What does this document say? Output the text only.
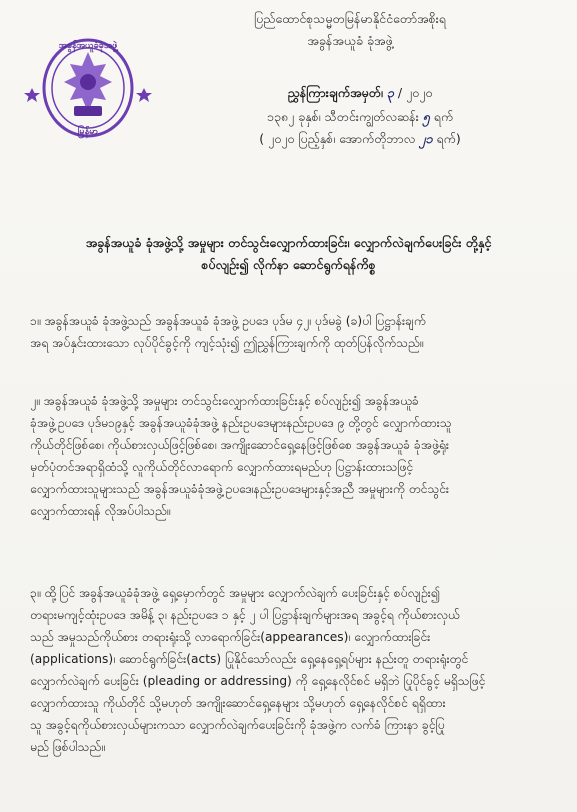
အခွန်အယူခံခုံအဖွဲ့
မြန်မာ
ပြည်ထောင်စုသမ္မတမြန်မာနိုင်ငံတော်အစိုးရ
အခွန်အယူခံ ခုံအဖွဲ့
ညွှန်ကြားချက်အမှတ်၊ ၃ / ၂၀၂၀
၁၃၈၂ ခုနှစ်၊ သီတင်းကျွတ်လဆန်း ၅ ရက်
( ၂၀၂၀ ပြည့်နှစ်၊ အောက်တိုဘာလ ၂၁ ရက်)
အခွန်အယူခံ ခုံအဖွဲ့သို့ အမှုများ တင်သွင်းလျှောက်ထားခြင်း၊ လျှောက်လဲချက်ပေးခြင်း တို့နှင့်
စပ်လျဉ်း၍ လိုက်နာ ဆောင်ရွက်ရန်ကိစ္စ
၁။ အခွန်အယူခံ ခုံအဖွဲ့သည် အခွန်အယူခံ ခုံအဖွဲ့ ဥပဒေ ပုဒ်မ ၄၂၊ ပုဒ်မခွဲ (ခ)ပါ ပြဋ္ဌာန်းချက်
အရ အပ်နှင်းထားသော လုပ်ပိုင်ခွင့်ကို ကျင့်သုံး၍ ဤညွှန်ကြားချက်ကို ထုတ်ပြန်လိုက်သည်။
၂။ အခွန်အယူခံ ခုံအဖွဲ့သို့ အမှုများ တင်သွင်းလျှောက်ထားခြင်းနှင့် စပ်လျဉ်း၍ အခွန်အယူခံ
ခုံအဖွဲ့ဥပဒေ ပုဒ်မ၁၉နှင့် အခွန်အယူခံခုံအဖွဲ့ နည်းဥပဒေများနည်းဥပဒေ ၉ တို့တွင် လျှောက်ထားသူ
ကိုယ်တိုင်ဖြစ်စေ၊ ကိုယ်စားလှယ်ဖြင့်ဖြစ်စေ၊ အကျိုးဆောင်ရှေ့နေဖြင့်ဖြစ်စေ အခွန်အယူခံ ခုံအဖွဲ့ရုံး
မှတ်ပုံတင်အရာရှိထံသို့ လူကိုယ်တိုင်လာရောက် လျှောက်ထားရမည်ဟု ပြဋ္ဌာန်းထားသဖြင့်
လျှောက်ထားသူများသည် အခွန်အယူခံခုံအဖွဲ့ဥပဒေ၊နည်းဥပဒေများနှင့်အညီ အမှုများကို တင်သွင်း
လျှောက်ထားရန် လိုအပ်ပါသည်။
၃။ ထို့ပြင် အခွန်အယူခံခုံအဖွဲ့ ရှေ့မှောက်တွင် အမှုများ လျှောက်လဲချက် ပေးခြင်းနှင့် စပ်လျဉ်း၍
တရားမကျင့်ထုံးဥပဒေ အမိန့် ၃၊ နည်းဥပဒေ ၁ နှင့် ၂ ပါ ပြဋ္ဌာန်းချက်များအရ အခွင့်ရ ကိုယ်စားလှယ်
သည် အမှုသည်ကိုယ်စား တရားရုံးသို့ လာရောက်ခြင်း(appearances)၊ လျှောက်ထားခြင်း
(applications)၊ ဆောင်ရွက်ခြင်း(acts) ပြုနိုင်သော်လည်း ရှေ့နေရှေ့ရပ်များ နည်းတူ တရားရုံးတွင်
လျှောက်လဲချက် ပေးခြင်း (pleading or addressing) ကို ရှေ့နေလိုင်စင် မရှိဘဲ ပြုပိုင်ခွင့် မရှိသဖြင့်
လျှောက်ထားသူ ကိုယ်တိုင် သို့မဟုတ် အကျိုးဆောင်ရှေ့နေများ သို့မဟုတ် ရှေ့နေလိုင်စင် ရရှိထား
သူ အခွင့်ရကိုယ်စားလှယ်များကသာ လျှောက်လဲချက်ပေးခြင်းကို ခုံအဖွဲ့က လက်ခံ ကြားနာ ခွင့်ပြု
မည် ဖြစ်ပါသည်။
